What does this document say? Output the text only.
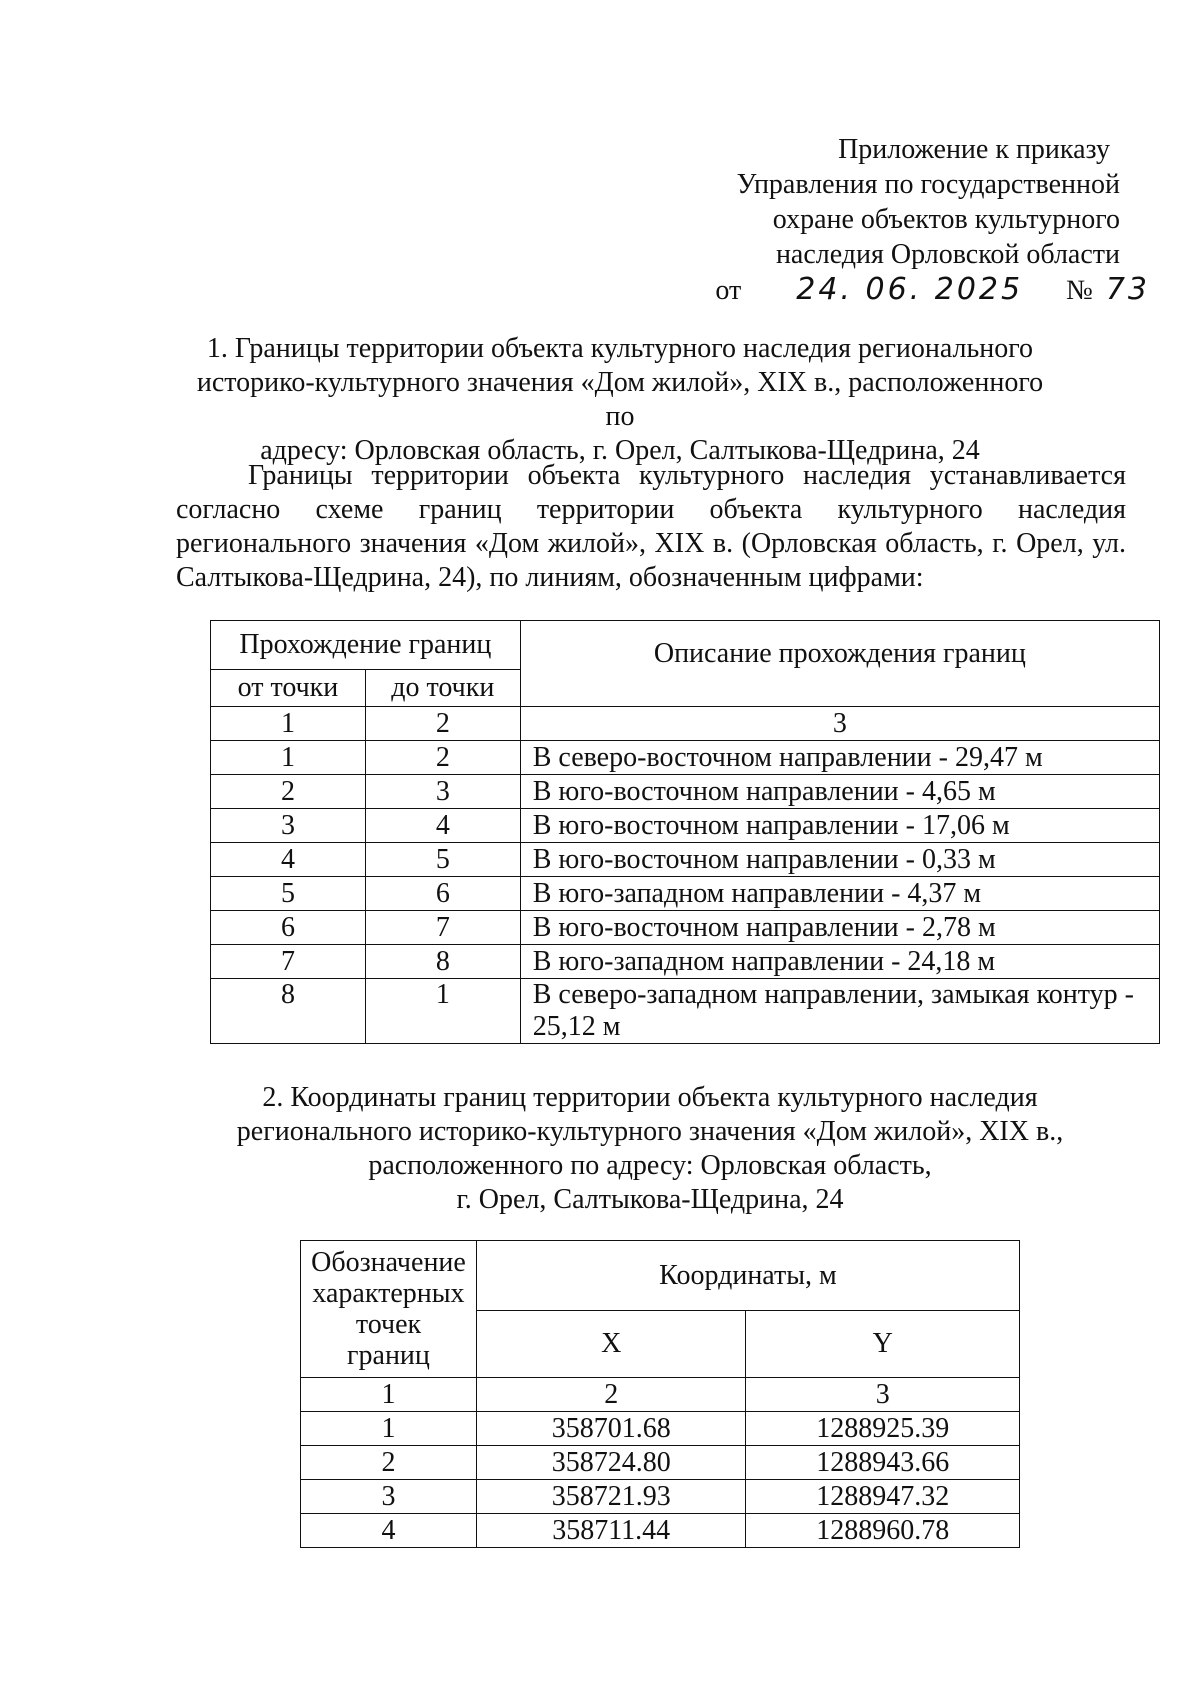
Приложение к приказу
Управления по государственной
охране объектов культурного
наследия Орловской области
от 24. 06. 2025 № 73
1. Границы территории объекта культурного наследия регионального
историко-культурного значения «Дом жилой», XIX в., расположенного по
адресу: Орловская область, г. Орел, Салтыкова-Щедрина, 24
Границы территории объекта культурного наследия устанавливается согласно схеме границ территории объекта культурного наследия регионального значения «Дом жилой», XIX в. (Орловская область, г. Орел, ул. Салтыкова-Щедрина, 24), по линиям, обозначенным цифрами:
Прохождение границ		Описание прохождения границ
от точки	до точки	
1	2	3
1	2	В северо-восточном направлении - 29,47 м
2	3	В юго-восточном направлении - 4,65 м
3	4	В юго-восточном направлении - 17,06 м
4	5	В юго-восточном направлении - 0,33 м
5	6	В юго-западном направлении - 4,37 м
6	7	В юго-восточном направлении - 2,78 м
7	8	В юго-западном направлении - 24,18 м
8	1	В северо-западном направлении, замыкая контур -
25,12 м
2. Координаты границ территории объекта культурного наследия
регионального историко-культурного значения «Дом жилой», XIX в.,
расположенного по адресу: Орловская область,
г. Орел, Салтыкова-Щедрина, 24
Обозначение
характерных
точек
границ	Координаты, м	
	X	Y
1	2	3
1	358701.68	1288925.39
2	358724.80	1288943.66
3	358721.93	1288947.32
4	358711.44	1288960.78
